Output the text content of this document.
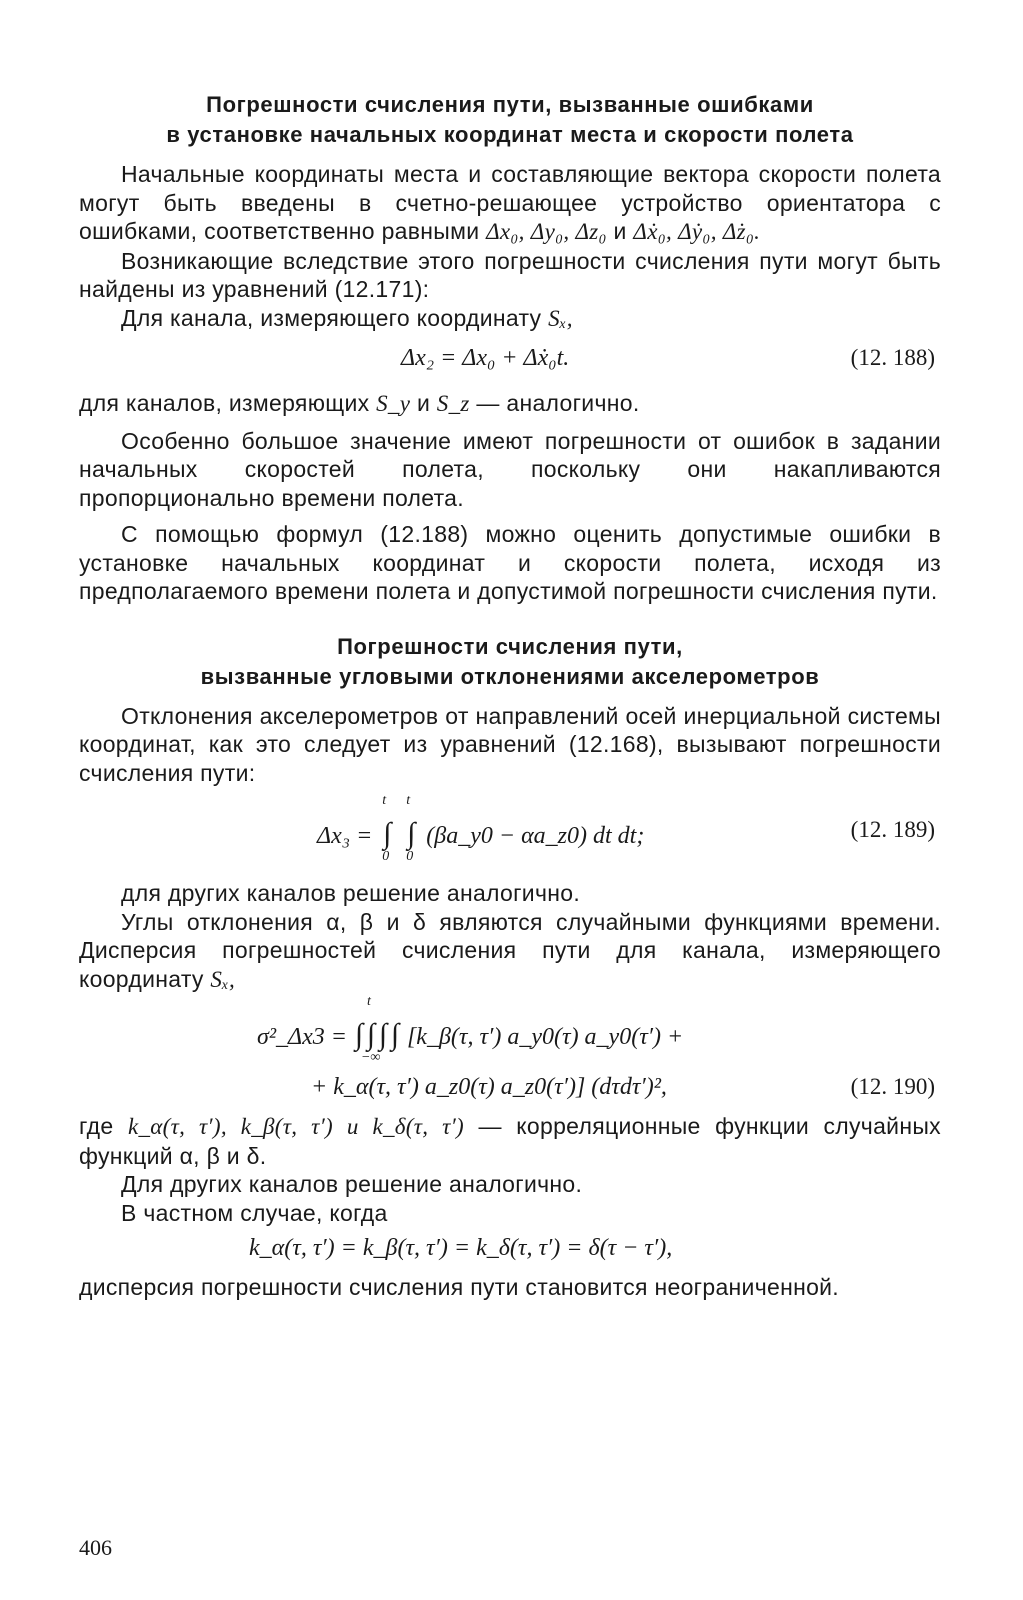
Погрешности счисления пути, вызванные ошибками
в установке начальных координат места и скорости полета

Начальные координаты места и составляющие вектора скорости полета могут быть введены в счетно-решающее устройство ориентатора с ошибками, соответственно равными Δx₀, Δy₀, Δz₀ и Δẋ₀, Δẏ₀, Δż₀.

Возникающие вследствие этого погрешности счисления пути могут быть найдены из уравнений (12.171):

Для канала, измеряющего координату Sₓ,

Δx₂ = Δx₀ + Δẋ₀t.	(12. 188)

для каналов, измеряющих S_y и S_z — аналогично.

Особенно большое значение имеют погрешности от ошибок в задании начальных скоростей полета, поскольку они накапливаются пропорционально времени полета.

С помощью формул (12.188) можно оценить допустимые ошибки в установке начальных координат и скорости полета, исходя из предполагаемого времени полета и допустимой погрешности счисления пути.

Погрешности счисления пути,
вызванные угловыми отклонениями акселерометров

Отклонения акселерометров от направлений осей инерциальной системы координат, как это следует из уравнений (12.168), вызывают погрешности счисления пути:

Δx₃ = ∫
t
0
∫
t
0
(βa_y0 − αa_z0) dt dt;	(12. 189)

для других каналов решение аналогично.

Углы отклонения α, β и δ являются случайными функциями времени. Дисперсия погрешностей счисления пути для канала, измеряющего координату Sₓ,

σ²_Δx3 = ∫ ∫
t
−∞
∫ ∫ [k_β(τ, τ′) a_y0(τ) a_y0(τ′) +
+ k_α(τ, τ′) a_z0(τ) a_z0(τ′)] (dτdτ′)²,	(12. 190)

где k_α(τ, τ′), k_β(τ, τ′) и k_δ(τ, τ′) — корреляционные функции случайных функций α, β и δ.

Для других каналов решение аналогично.

В частном случае, когда

k_α(τ, τ′) = k_β(τ, τ′) = k_δ(τ, τ′) = δ(τ − τ′),

дисперсия погрешности счисления пути становится неограниченной.

406
